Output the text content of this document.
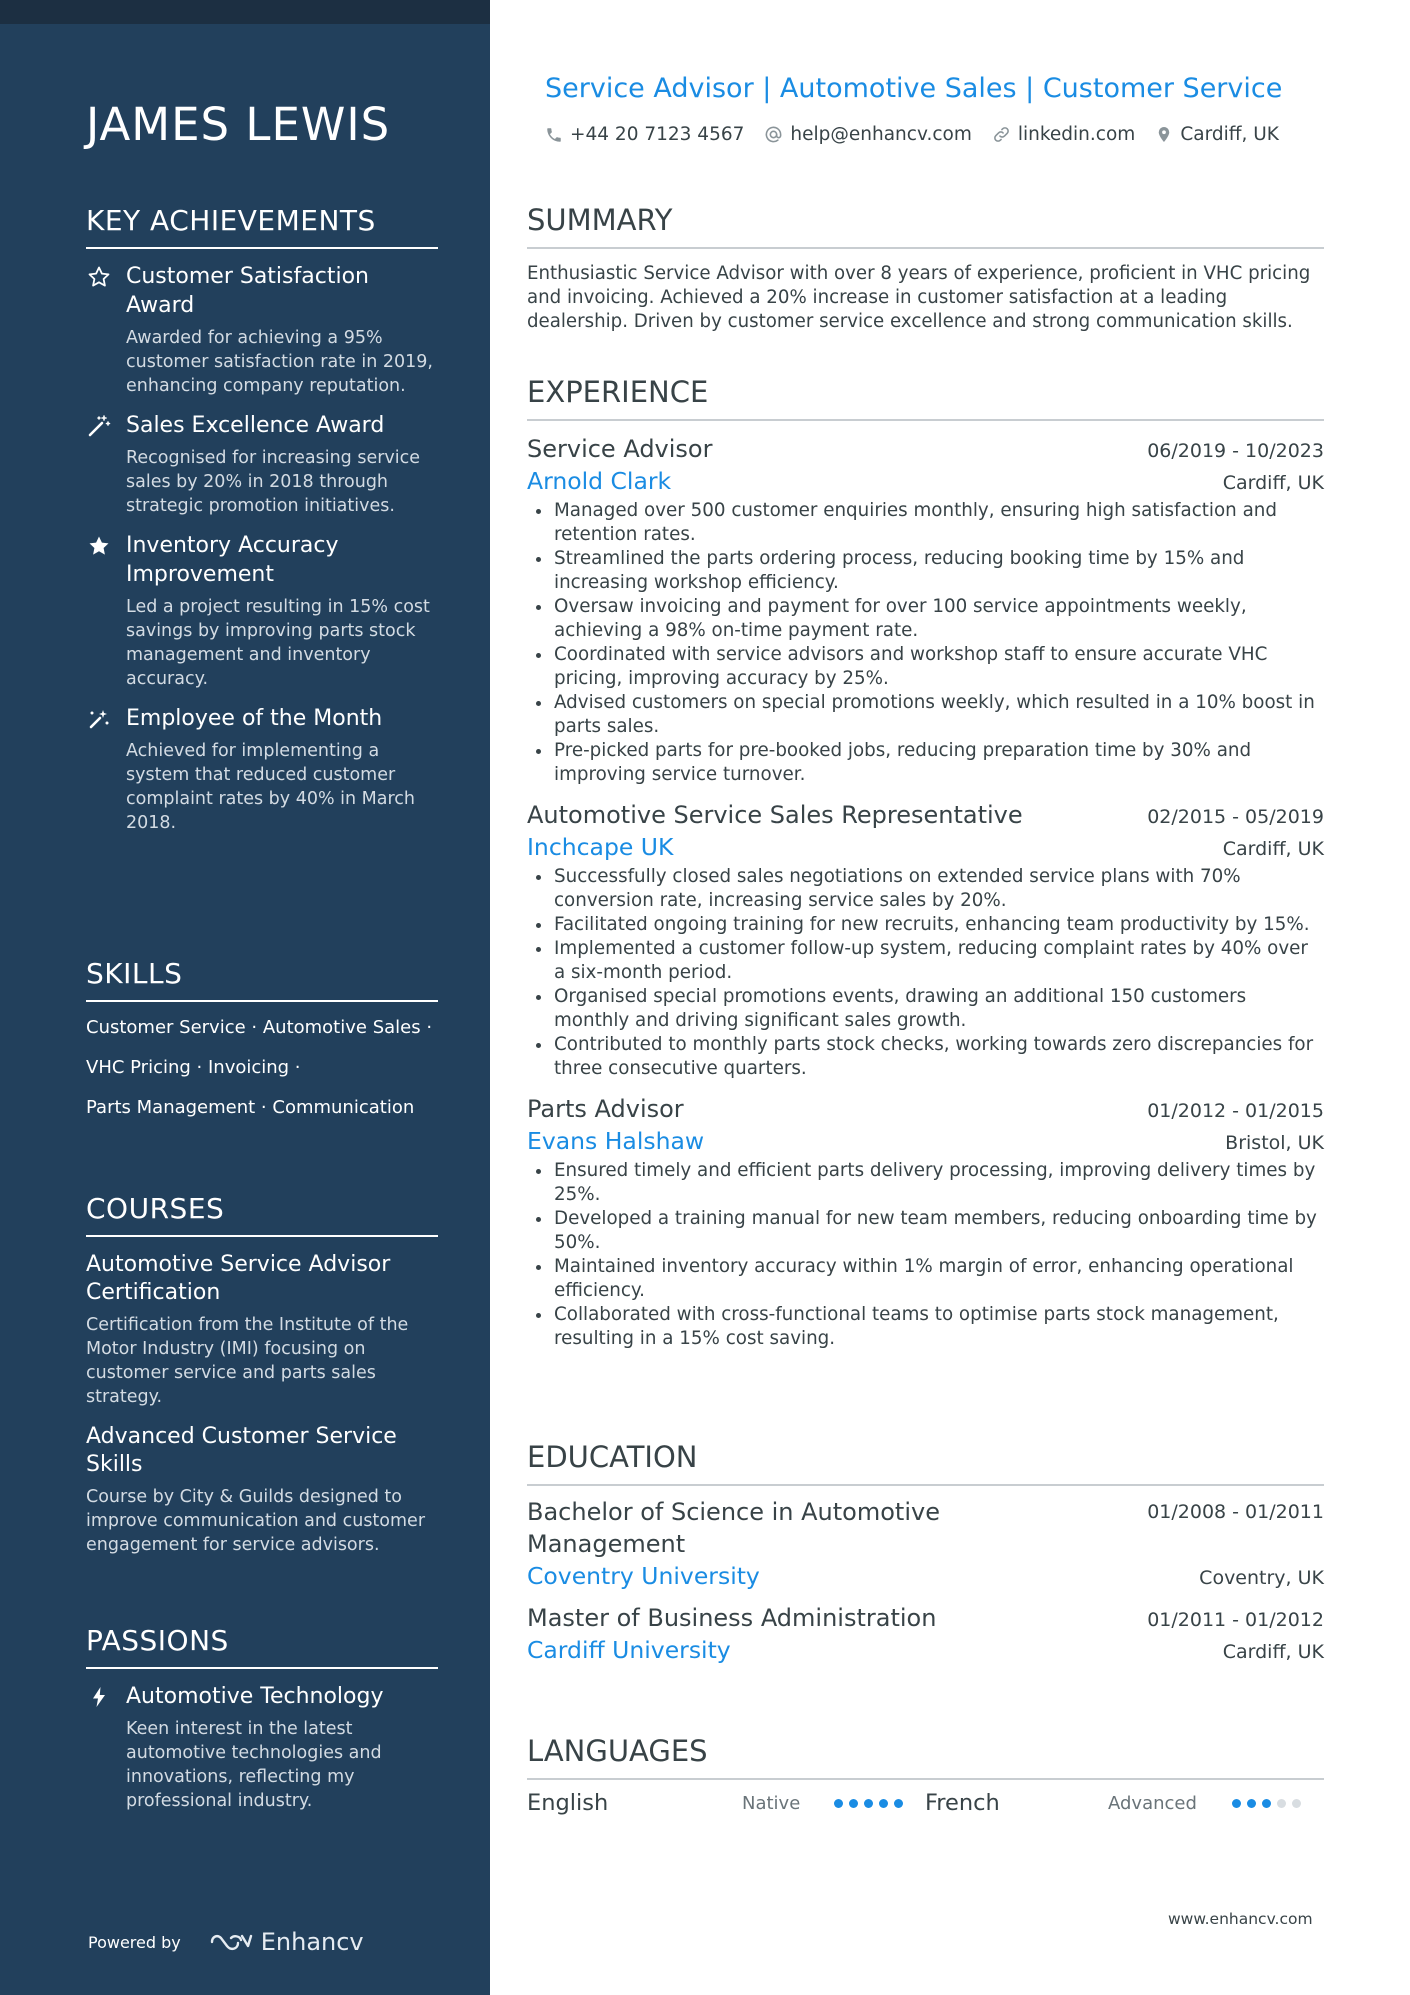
JAMES LEWIS
KEY ACHIEVEMENTS
Customer Satisfaction Award
Awarded for achieving a 95% customer satisfaction rate in 2019, enhancing company reputation.
Sales Excellence Award
Recognised for increasing service sales by 20% in 2018 through strategic promotion initiatives.
Inventory Accuracy Improvement
Led a project resulting in 15% cost savings by improving parts stock management and inventory accuracy.
Employee of the Month
Achieved for implementing a system that reduced customer complaint rates by 40% in March 2018.
SKILLS
Customer Service · Automotive Sales ·
VHC Pricing · Invoicing ·
Parts Management · Communication
COURSES
Automotive Service Advisor Certification
Certification from the Institute of the Motor Industry (IMI) focusing on customer service and parts sales strategy.
Advanced Customer Service Skills
Course by City & Guilds designed to improve communication and customer engagement for service advisors.
PASSIONS
Automotive Technology
Keen interest in the latest automotive technologies and innovations, reflecting my professional industry.
Powered by	Enhancv
Service Advisor | Automotive Sales | Customer Service
+44 20 7123 4567 help@enhancv.com linkedin.com Cardiff, UK
SUMMARY

Enthusiastic Service Advisor with over 8 years of experience, proficient in VHC pricing and invoicing. Achieved a 20% increase in customer satisfaction at a leading dealership. Driven by customer service excellence and strong communication skills.

EXPERIENCE
Service Advisor	06/2019 - 10/2023
Arnold Clark	Cardiff, UK
Managed over 500 customer enquiries monthly, ensuring high satisfaction and retention rates.
Streamlined the parts ordering process, reducing booking time by 15% and increasing workshop efficiency.
Oversaw invoicing and payment for over 100 service appointments weekly, achieving a 98% on-time payment rate.
Coordinated with service advisors and workshop staff to ensure accurate VHC pricing, improving accuracy by 25%.
Advised customers on special promotions weekly, which resulted in a 10% boost in parts sales.
Pre-picked parts for pre-booked jobs, reducing preparation time by 30% and improving service turnover.
Automotive Service Sales Representative	02/2015 - 05/2019
Inchcape UK	Cardiff, UK
Successfully closed sales negotiations on extended service plans with 70% conversion rate, increasing service sales by 20%.
Facilitated ongoing training for new recruits, enhancing team productivity by 15%.
Implemented a customer follow-up system, reducing complaint rates by 40% over a six-month period.
Organised special promotions events, drawing an additional 150 customers monthly and driving significant sales growth.
Contributed to monthly parts stock checks, working towards zero discrepancies for three consecutive quarters.
Parts Advisor	01/2012 - 01/2015
Evans Halshaw	Bristol, UK
Ensured timely and efficient parts delivery processing, improving delivery times by 25%.
Developed a training manual for new team members, reducing onboarding time by 50%.
Maintained inventory accuracy within 1% margin of error, enhancing operational efficiency.
Collaborated with cross-functional teams to optimise parts stock management, resulting in a 15% cost saving.
EDUCATION
Bachelor of Science in Automotive Management
01/2008 - 01/2011
Coventry University	Coventry, UK
Master of Business Administration	01/2011 - 01/2012
Cardiff University	Cardiff, UK
LANGUAGES
English	Native	French	Advanced
www.enhancv.com
